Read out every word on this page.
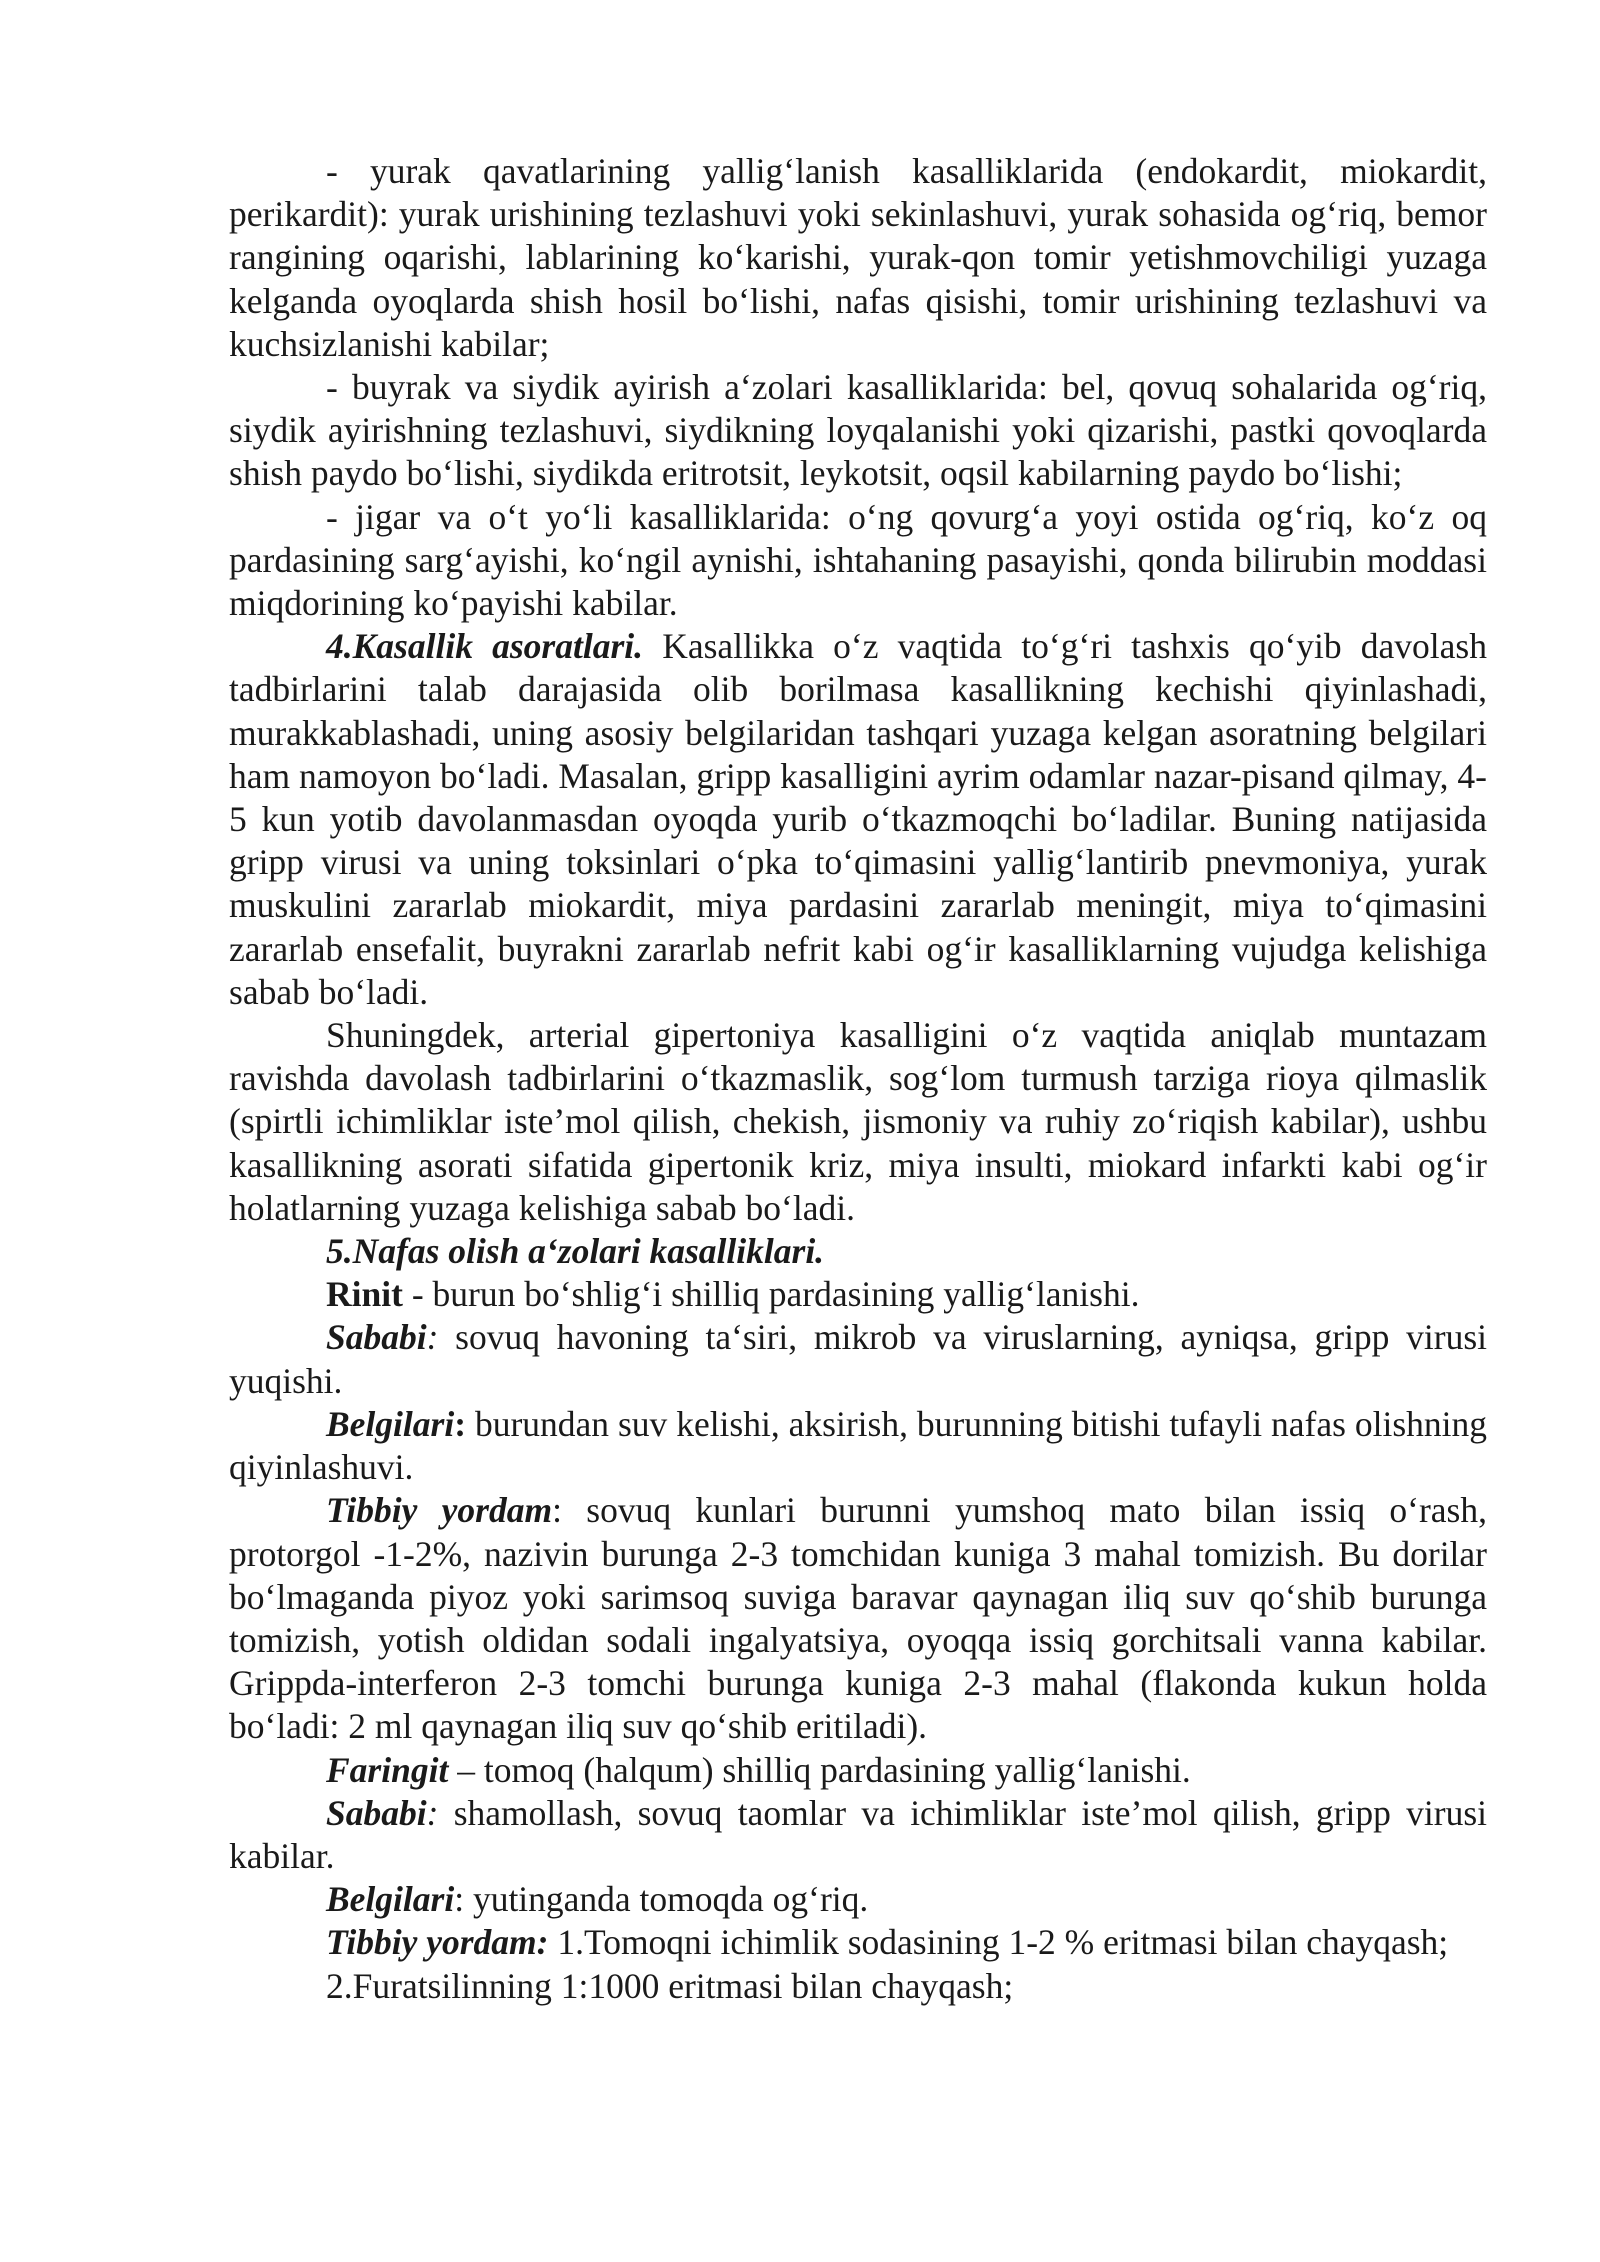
- yurak qavatlarining yallig‘lanish kasalliklarida (endokardit, miokardit, perikardit): yurak urishining tezlashuvi yoki sekinlashuvi, yurak sohasida og‘riq, bemor rangining oqarishi, lablarining ko‘karishi, yurak-qon tomir yetishmovchiligi yuzaga kelganda oyoqlarda shish hosil bo‘lishi, nafas qisishi, tomir urishining tezlashuvi va kuchsizlanishi kabilar;

- buyrak va siydik ayirish a‘zolari kasalliklarida: bel, qovuq sohalarida og‘riq, siydik ayirishning tezlashuvi, siydikning loyqalanishi yoki qizarishi, pastki qovoqlarda shish paydo bo‘lishi, siydikda eritrotsit, leykotsit, oqsil kabilarning paydo bo‘lishi;

- jigar va o‘t yo‘li kasalliklarida: o‘ng qovurg‘a yoyi ostida og‘riq, ko‘z oq pardasining sarg‘ayishi, ko‘ngil aynishi, ishtahaning pasayishi, qonda bilirubin moddasi miqdorining ko‘payishi kabilar.

4.Kasallik asoratlari. Kasallikka o‘z vaqtida to‘g‘ri tashxis qo‘yib davolash tadbirlarini talab darajasida olib borilmasa kasallikning kechishi qiyinlashadi, murakkablashadi, uning asosiy belgilaridan tashqari yuzaga kelgan asoratning belgilari ham namoyon bo‘ladi. Masalan, gripp kasalligini ayrim odamlar nazar-pisand qilmay, 4-5 kun yotib davolanmasdan oyoqda yurib o‘tkazmoqchi bo‘ladilar. Buning natijasida gripp virusi va uning toksinlari o‘pka to‘qimasini yallig‘lantirib pnevmoniya, yurak muskulini zararlab miokardit, miya pardasini zararlab meningit, miya to‘qimasini zararlab ensefalit, buyrakni zararlab nefrit kabi og‘ir kasalliklarning vujudga kelishiga sabab bo‘ladi.

Shuningdek, arterial gipertoniya kasalligini o‘z vaqtida aniqlab muntazam ravishda davolash tadbirlarini o‘tkazmaslik, sog‘lom turmush tarziga rioya qilmaslik (spirtli ichimliklar iste’mol qilish, chekish, jismoniy va ruhiy zo‘riqish kabilar), ushbu kasallikning asorati sifatida gipertonik kriz, miya insulti, miokard infarkti kabi og‘ir holatlarning yuzaga kelishiga sabab bo‘ladi.

5.Nafas olish a‘zolari kasalliklari.

Rinit - burun bo‘shlig‘i shilliq pardasining yallig‘lanishi.

Sababi: sovuq havoning ta‘siri, mikrob va viruslarning, ayniqsa, gripp virusi yuqishi.

Belgilari: burundan suv kelishi, aksirish, burunning bitishi tufayli nafas olishning qiyinlashuvi.

Tibbiy yordam: sovuq kunlari burunni yumshoq mato bilan issiq o‘rash, protorgol -1-2%, nazivin burunga 2-3 tomchidan kuniga 3 mahal tomizish. Bu dorilar bo‘lmaganda piyoz yoki sarimsoq suviga baravar qaynagan iliq suv qo‘shib burunga tomizish, yotish oldidan sodali ingalyatsiya, oyoqqa issiq gorchitsali vanna kabilar. Grippda-interferon 2-3 tomchi burunga kuniga 2-3 mahal (flakonda kukun holda bo‘ladi: 2 ml qaynagan iliq suv qo‘shib eritiladi).

Faringit – tomoq (halqum) shilliq pardasining yallig‘lanishi.

Sababi: shamollash, sovuq taomlar va ichimliklar iste’mol qilish, gripp virusi kabilar.

Belgilari: yutinganda tomoqda og‘riq.

Tibbiy yordam: 1.Tomoqni ichimlik sodasining 1-2 % eritmasi bilan chayqash;

2.Furatsilinning 1:1000 eritmasi bilan chayqash;
